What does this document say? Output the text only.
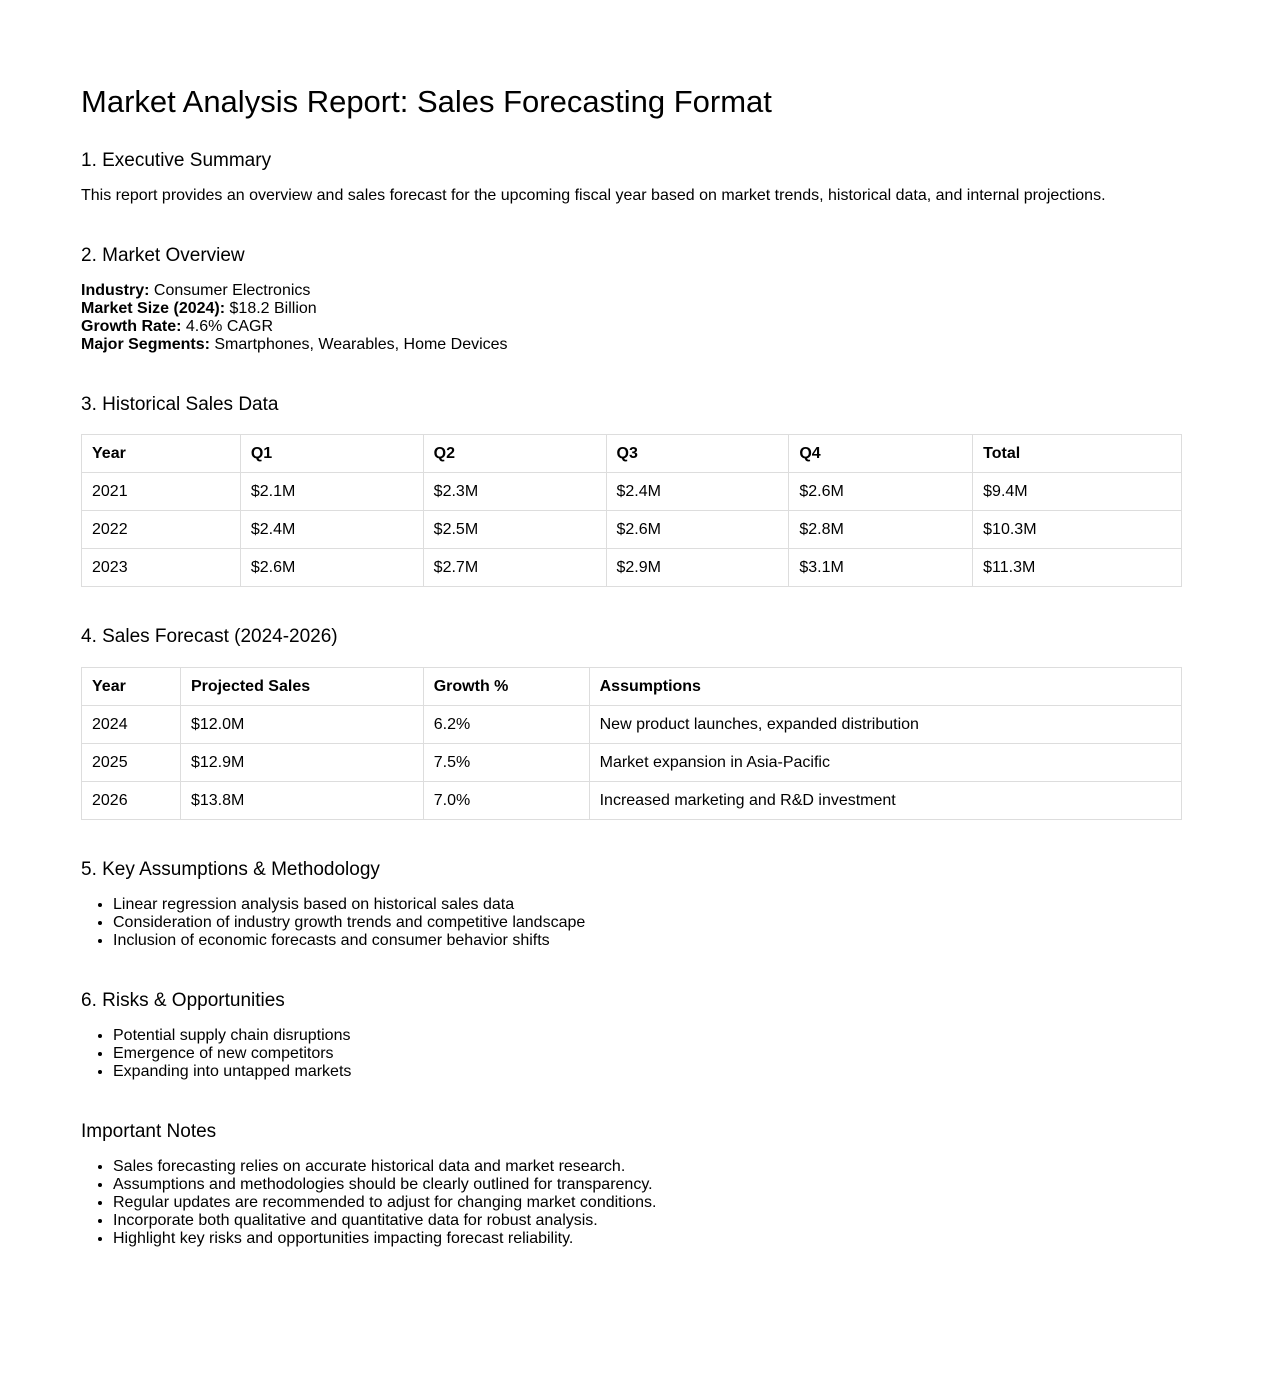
Market Analysis Report: Sales Forecasting Format
1. Executive Summary

This report provides an overview and sales forecast for the upcoming fiscal year based on market trends, historical data, and internal projections.

2. Market Overview
Industry: Consumer Electronics
Market Size (2024): $18.2 Billion
Growth Rate: 4.6% CAGR
Major Segments: Smartphones, Wearables, Home Devices
3. Historical Sales Data
Year	Q1	Q2	Q3	Q4	Total
2021	$2.1M	$2.3M	$2.4M	$2.6M	$9.4M
2022	$2.4M	$2.5M	$2.6M	$2.8M	$10.3M
2023	$2.6M	$2.7M	$2.9M	$3.1M	$11.3M
4. Sales Forecast (2024-2026)
Year	Projected Sales	Growth %	Assumptions
2024	$12.0M	6.2%	New product launches, expanded distribution
2025	$12.9M	7.5%	Market expansion in Asia-Pacific
2026	$13.8M	7.0%	Increased marketing and R&D investment
5. Key Assumptions & Methodology
• Linear regression analysis based on historical sales data
• Consideration of industry growth trends and competitive landscape
• Inclusion of economic forecasts and consumer behavior shifts
6. Risks & Opportunities
• Potential supply chain disruptions
• Emergence of new competitors
• Expanding into untapped markets
Important Notes
• Sales forecasting relies on accurate historical data and market research.
• Assumptions and methodologies should be clearly outlined for transparency.
• Regular updates are recommended to adjust for changing market conditions.
• Incorporate both qualitative and quantitative data for robust analysis.
• Highlight key risks and opportunities impacting forecast reliability.
